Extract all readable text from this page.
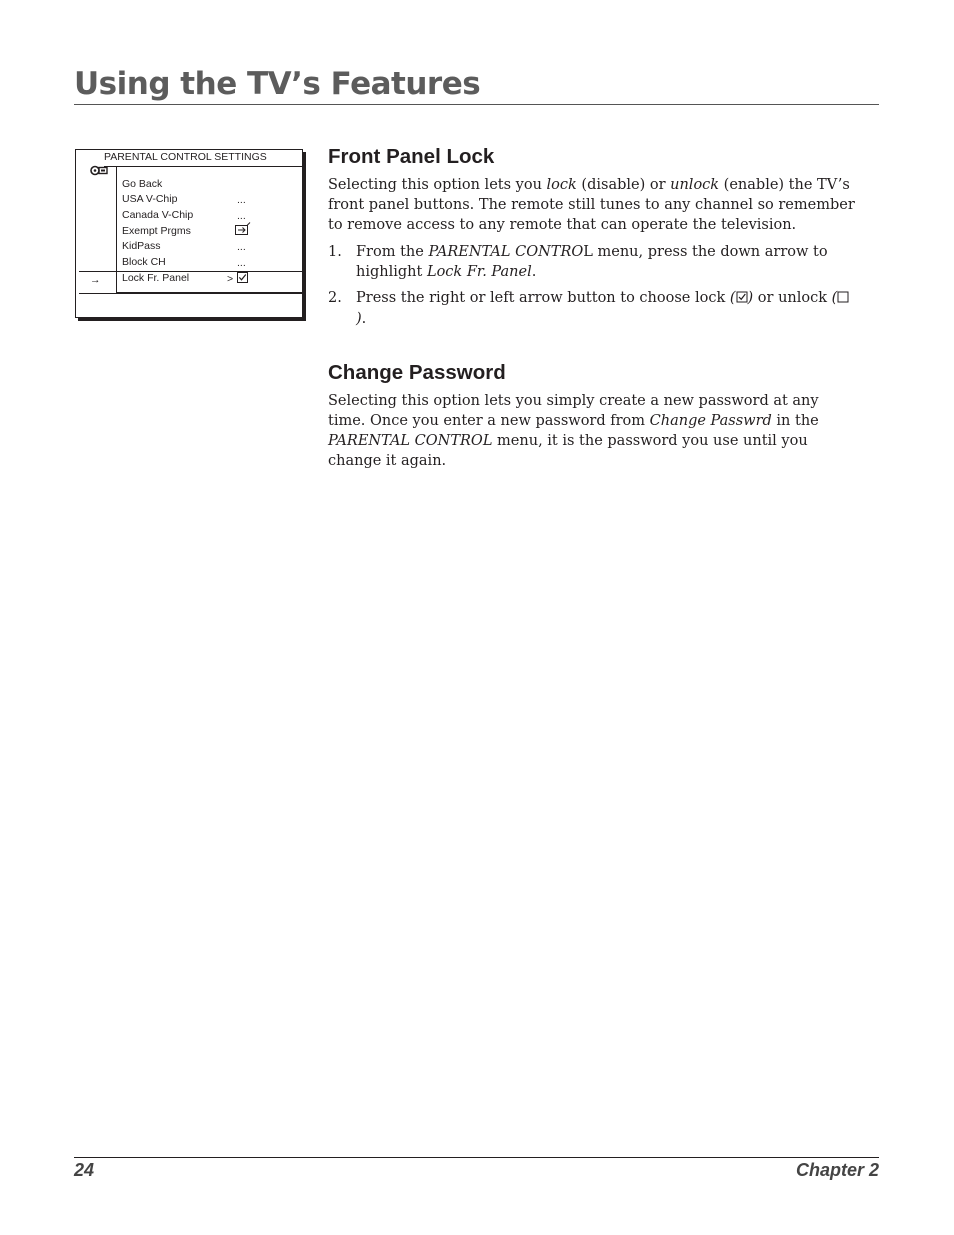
Using the TV’s Features
PARENTAL CONTROL SETTINGS
Go Back
USA V-Chip	...
Canada V-Chip	...
Exempt Prgms
KidPass	...
Block CH	...
→ Lock Fr. Panel	>
Front Panel Lock

Selecting this option lets you lock (disable) or unlock (enable) the TV’s front panel buttons. The remote still tunes to any channel so remember to remove access to any remote that can operate the television.

1. From the PARENTAL CONTROL menu, press the down arrow to highlight Lock Fr. Panel.
2. Press the right or left arrow button to choose lock ( ) or unlock ().
Change Password

Selecting this option lets you simply create a new password at any time. Once you enter a new password from Change Passwrd in the PARENTAL CONTROL menu, it is the password you use until you change it again.

24	Chapter 2
